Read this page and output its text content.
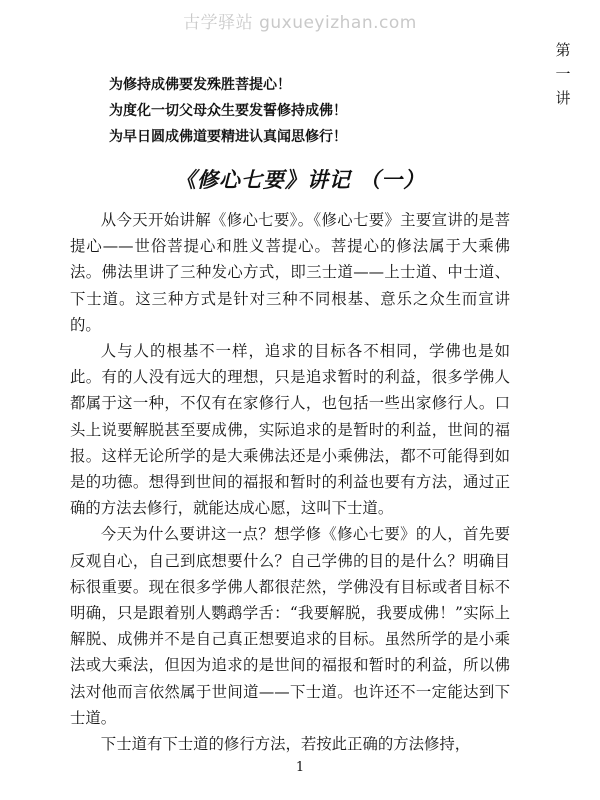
古学驿站 guxueyizhan.com
第
一
讲
为修持成佛要发殊胜菩提心！
为度化一切父母众生要发誓修持成佛！
为早日圆成佛道要精进认真闻思修行！
《修心七要》讲记 （一）

从今天开始讲解《修心七要》。《修心七要》主要宣讲的是菩提心——世俗菩提心和胜义菩提心。菩提心的修法属于大乘佛法。佛法里讲了三种发心方式，即三士道——上士道、中士道、下士道。这三种方式是针对三种不同根基、意乐之众生而宣讲的。

人与人的根基不一样，追求的目标各不相同，学佛也是如此。有的人没有远大的理想，只是追求暂时的利益，很多学佛人都属于这一种，不仅有在家修行人，也包括一些出家修行人。口头上说要解脱甚至要成佛，实际追求的是暂时的利益，世间的福报。这样无论所学的是大乘佛法还是小乘佛法，都不可能得到如是的功德。想得到世间的福报和暂时的利益也要有方法，通过正确的方法去修行，就能达成心愿，这叫下士道。

今天为什么要讲这一点？想学修《修心七要》的人，首先要反观自心，自己到底想要什么？自己学佛的目的是什么？明确目标很重要。现在很多学佛人都很茫然，学佛没有目标或者目标不明确，只是跟着别人鹦鹉学舌：“我要解脱，我要成佛！”实际上解脱、成佛并不是自己真正想要追求的目标。虽然所学的是小乘法或大乘法，但因为追求的是世间的福报和暂时的利益，所以佛法对他而言依然属于世间道——下士道。也许还不一定能达到下士道。

下士道有下士道的修行方法，若按此正确的方法修持，

1
